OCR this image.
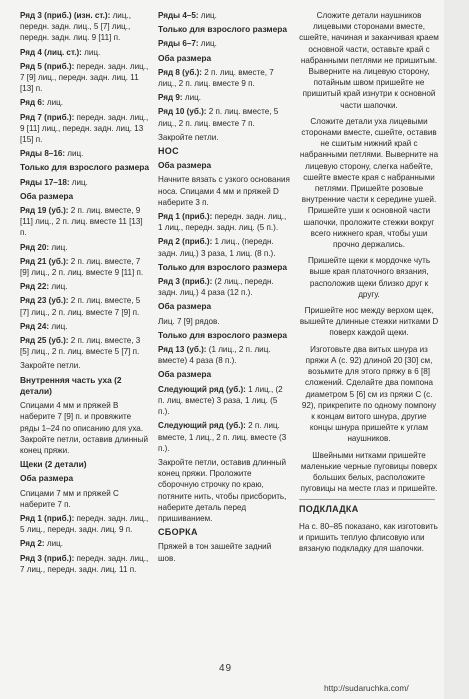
Ряд 3 (приб.) (изн. ст.): лиц., передн. задн. лиц., 5 [7] лиц., передн. задн. лиц. 9 [11] п.

Ряд 4 (лиц. ст.): лиц.

Ряд 5 (приб.): передн. задн. лиц., 7 [9] лиц., передн. задн. лиц. 11 [13] п.

Ряд 6: лиц.

Ряд 7 (приб.): передн. задн. лиц., 9 [11] лиц., передн. задн. лиц. 13 [15] п.

Ряды 8–16: лиц.

Только для взрослого размера

Ряды 17–18: лиц.

Оба размера

Ряд 19 (уб.): 2 п. лиц. вместе, 9 [11] лиц., 2 п. лиц. вместе 11 [13] п.

Ряд 20: лиц.

Ряд 21 (уб.): 2 п. лиц. вместе, 7 [9] лиц., 2 п. лиц. вместе 9 [11] п.

Ряд 22: лиц.

Ряд 23 (уб.): 2 п. лиц. вместе, 5 [7] лиц., 2 п. лиц. вместе 7 [9] п.

Ряд 24: лиц.

Ряд 25 (уб.): 2 п. лиц. вместе, 3 [5] лиц., 2 п. лиц. вместе 5 [7] п.

Закройте петли.

Внутренняя часть уха (2 детали)

Спицами 4 мм и пряжей В наберите 7 [9] п. и провяжите ряды 1–24 по описанию для уха. Закройте петли, оставив длинный конец пряжи.

Щеки (2 детали)

Оба размера

Спицами 7 мм и пряжей С наберите 7 п.

Ряд 1 (приб.): передн. задн. лиц., 5 лиц., передн. задн. лиц. 9 п.

Ряд 2: лиц.

Ряд 3 (приб.): передн. задн. лиц., 7 лиц., передн. задн. лиц. 11 п.

Ряды 4–5: лиц.

Только для взрослого размера

Ряды 6–7: лиц.

Оба размера

Ряд 8 (уб.): 2 п. лиц. вместе, 7 лиц., 2 п. лиц. вместе 9 п.

Ряд 9: лиц.

Ряд 10 (уб.): 2 п. лиц. вместе, 5 лиц., 2 п. лиц. вместе 7 п.

Закройте петли.

НОС

Оба размера

Начните вязать с узкого основания носа. Спицами 4 мм и пряжей D наберите 3 п.

Ряд 1 (приб.): передн. задн. лиц., 1 лиц., передн. задн. лиц. (5 п.).

Ряд 2 (приб.): 1 лиц., (передн. задн. лиц.) 3 раза, 1 лиц. (8 п.).

Только для взрослого размера

Ряд 3 (приб.): (2 лиц., передн. задн. лиц.) 4 раза (12 п.).

Оба размера

Лиц. 7 [9] рядов.

Только для взрослого размера

Ряд 13 (уб.): (1 лиц., 2 п. лиц. вместе) 4 раза (8 п.).

Оба размера

Следующий ряд (уб.): 1 лиц., (2 п. лиц. вместе) 3 раза, 1 лиц. (5 п.).

Следующий ряд (уб.): 2 п. лиц. вместе, 1 лиц., 2 п. лиц. вместе (3 п.).

Закройте петли, оставив длинный конец пряжи. Проложите сборочную строчку по краю, потяните нить, чтобы присборить, наберите деталь перед пришиванием.

СБОРКА

Пряжей в тон зашейте задний шов.

Сложите детали наушников лицевыми сторонами вместе, сшейте, начиная и заканчивая краем основной части, оставьте край с набранными петлями не пришитым. Выверните на лицевую сторону, потайным швом пришейте не пришитый край изнутри к основной части шапочки.

Сложите детали уха лицевыми сторонами вместе, сшейте, оставив не сшитым нижний край с набранными петлями. Выверните на лицевую сторону, слегка набейте, сшейте вместе края с набранными петлями. Пришейте розовые внутренние части к середине ушей. Пришейте уши к основной части шапочки, проложите стежки вокруг всего нижнего края, чтобы уши прочно держались.

Пришейте щеки к мордочке чуть выше края платочного вязания, расположив щеки близко друг к другу.

Пришейте нос между верхом щек, вышейте длинные стежки нитками D поверх каждой щеки.

Изготовьте два витых шнура из пряжи А (с. 92) длиной 20 [30] см, возьмите для этого пряжу в 6 [8] сложений. Сделайте два помпона диаметром 5 [6] см из пряжи С (с. 92), прикрепите по одному помпону к концам витого шнура, другие концы шнура пришейте к углам наушников.

Швейными нитками пришейте маленькие черные пуговицы поверх больших белых, расположите пуговицы на месте глаз и пришейте.

ПОДКЛАДКА

На с. 80–85 показано, как изготовить и пришить теплую флисовую или вязаную подкладку для шапочки.

49
http://sudaruchka.com/
